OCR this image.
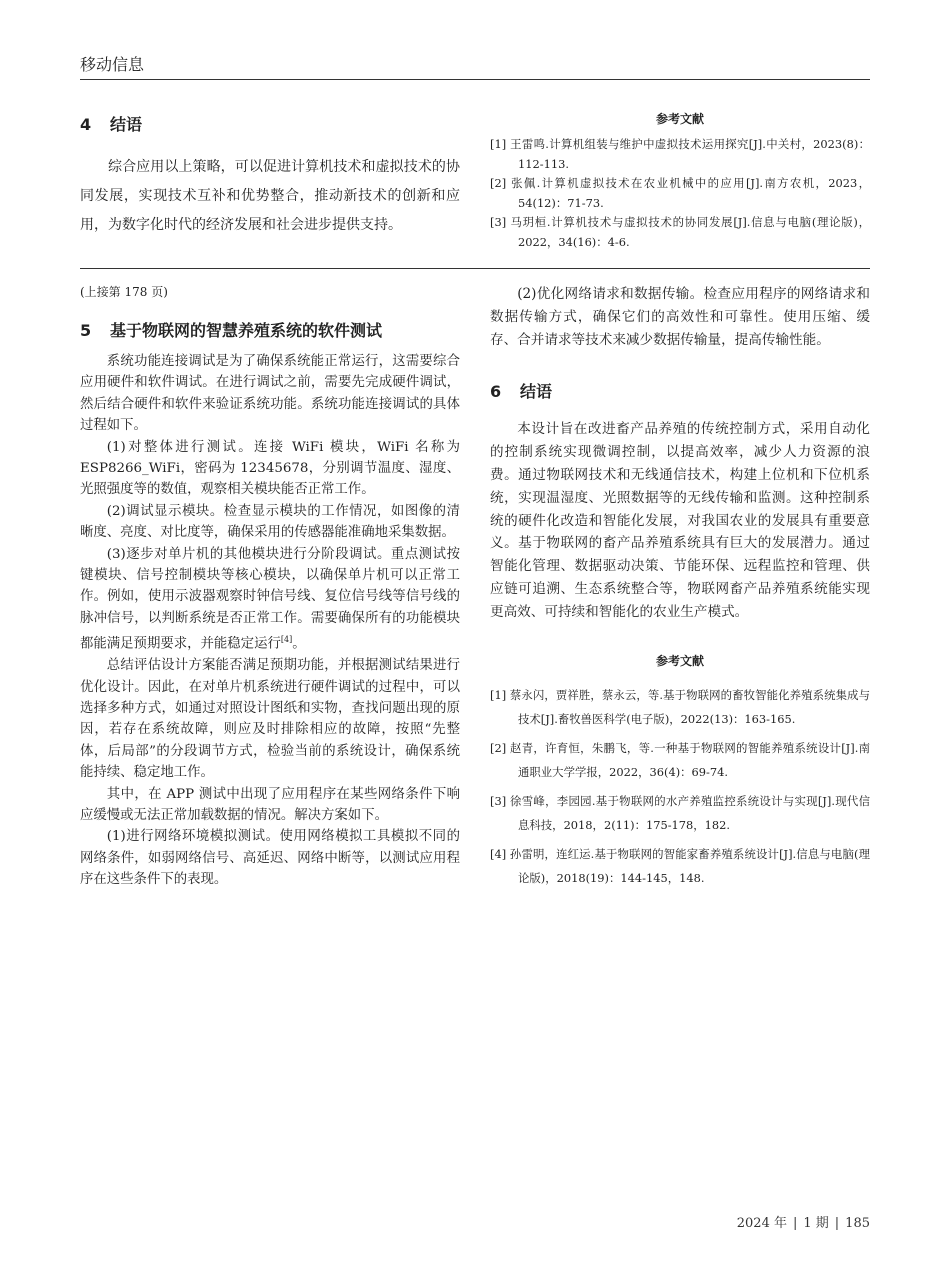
移动信息
4 结语

综合应用以上策略，可以促进计算机技术和虚拟技术的协同发展，实现技术互补和优势整合，推动新技术的创新和应用，为数字化时代的经济发展和社会进步提供支持。

参考文献

[1] 王雷鸣.计算机组装与维护中虚拟技术运用探究[J].中关村，2023(8)：112-113.

[2] 张佩.计算机虚拟技术在农业机械中的应用[J].南方农机，2023，54(12)：71-73.

[3] 马玥桓.计算机技术与虚拟技术的协同发展[J].信息与电脑(理论版)，2022，34(16)：4-6.

(上接第 178 页)
5 基于物联网的智慧养殖系统的软件测试

系统功能连接调试是为了确保系统能正常运行，这需要综合应用硬件和软件调试。在进行调试之前，需要先完成硬件调试，然后结合硬件和软件来验证系统功能。系统功能连接调试的具体过程如下。

(1)对整体进行测试。连接 WiFi 模块，WiFi 名称为 ESP8266_WiFi，密码为 12345678，分别调节温度、湿度、光照强度等的数值，观察相关模块能否正常工作。

(2)调试显示模块。检查显示模块的工作情况，如图像的清晰度、亮度、对比度等，确保采用的传感器能准确地采集数据。

(3)逐步对单片机的其他模块进行分阶段调试。重点测试按键模块、信号控制模块等核心模块，以确保单片机可以正常工作。例如，使用示波器观察时钟信号线、复位信号线等信号线的脉冲信号，以判断系统是否正常工作。需要确保所有的功能模块都能满足预期要求，并能稳定运行[4]。

总结评估设计方案能否满足预期功能，并根据测试结果进行优化设计。因此，在对单片机系统进行硬件调试的过程中，可以选择多种方式，如通过对照设计图纸和实物，查找问题出现的原因，若存在系统故障，则应及时排除相应的故障，按照“先整体，后局部”的分段调节方式，检验当前的系统设计，确保系统能持续、稳定地工作。

其中，在 APP 测试中出现了应用程序在某些网络条件下响应缓慢或无法正常加载数据的情况。解决方案如下。

(1)进行网络环境模拟测试。使用网络模拟工具模拟不同的网络条件，如弱网络信号、高延迟、网络中断等，以测试应用程序在这些条件下的表现。

(2)优化网络请求和数据传输。检查应用程序的网络请求和数据传输方式，确保它们的高效性和可靠性。使用压缩、缓存、合并请求等技术来减少数据传输量，提高传输性能。

6 结语

本设计旨在改进畜产品养殖的传统控制方式，采用自动化的控制系统实现微调控制，以提高效率，减少人力资源的浪费。通过物联网技术和无线通信技术，构建上位机和下位机系统，实现温湿度、光照数据等的无线传输和监测。这种控制系统的硬件化改造和智能化发展，对我国农业的发展具有重要意义。基于物联网的畜产品养殖系统具有巨大的发展潜力。通过智能化管理、数据驱动决策、节能环保、远程监控和管理、供应链可追溯、生态系统整合等，物联网畜产品养殖系统能实现更高效、可持续和智能化的农业生产模式。

参考文献

[1] 蔡永闪，贾祥胜，蔡永云，等.基于物联网的畜牧智能化养殖系统集成与技术[J].畜牧兽医科学(电子版)，2022(13)：163-165.

[2] 赵青，许育恒，朱鹏飞，等.一种基于物联网的智能养殖系统设计[J].南通职业大学学报，2022，36(4)：69-74.

[3] 徐雪峰，李园园.基于物联网的水产养殖监控系统设计与实现[J].现代信息科技，2018，2(11)：175-178，182.

[4] 孙雷明，连红运.基于物联网的智能家畜养殖系统设计[J].信息与电脑(理论版)，2018(19)：144-145，148.

2024 年 | 1 期 | 185
